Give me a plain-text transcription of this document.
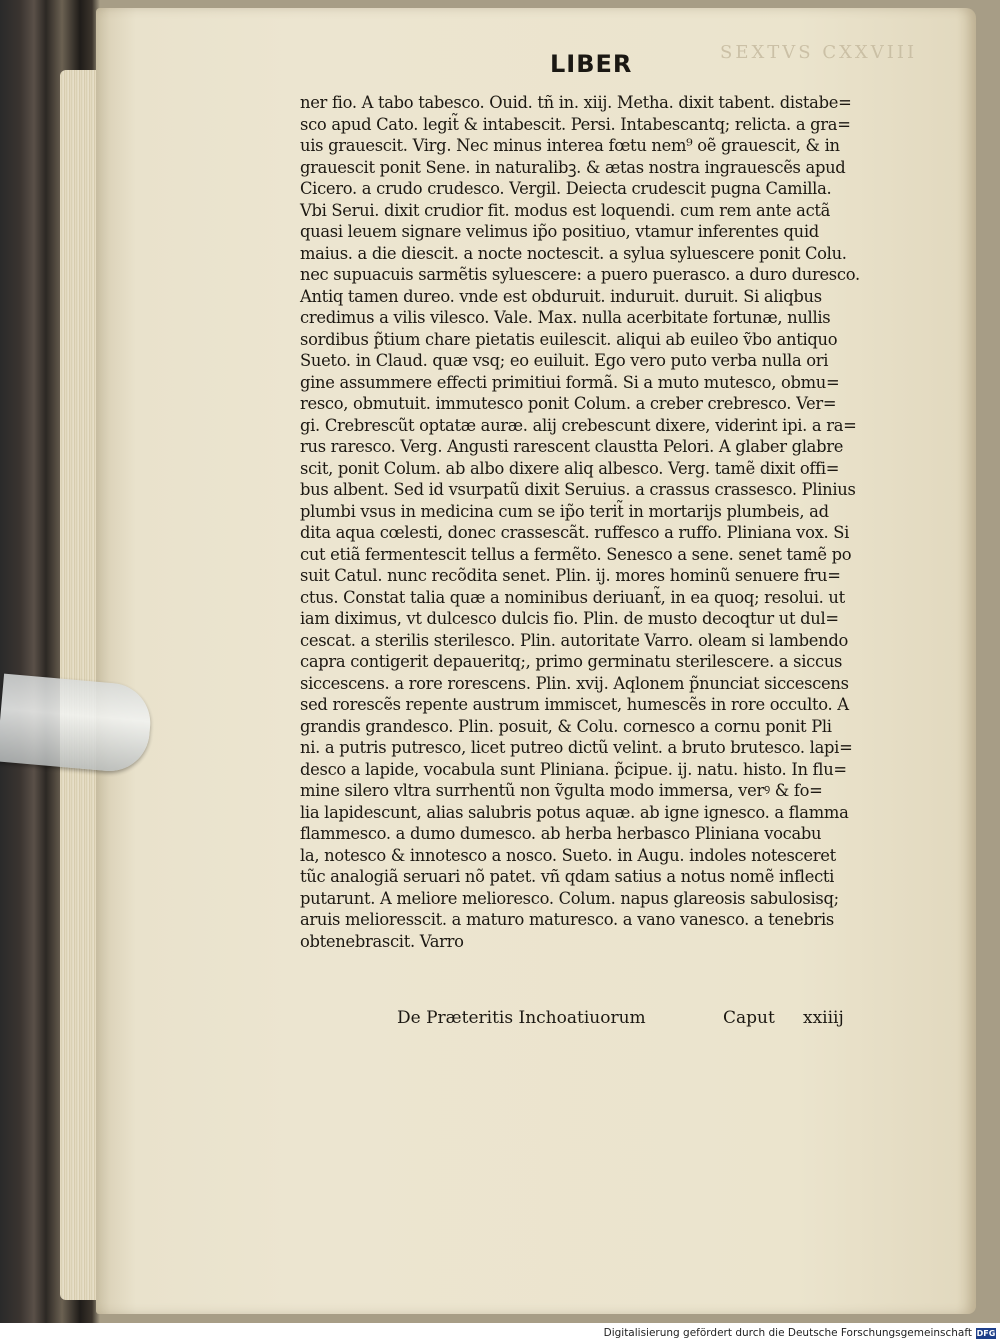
SEXTVS CXXVIII
LIBER
ner fio. A tabo tabesco. Ouid. tñ in. xiij. Metha. dixit tabent. distabe=
sco apud Cato. legit̃ & intabescit. Persi. Intabescantq; relicta. a gra=
uis grauescit. Virg. Nec minus interea fœtu nem⁹ oẽ grauescit, & in
grauescit ponit Sene. in naturalibꝫ. & ætas nostra ingrauescẽs apud
Cicero. a crudo crudesco. Vergil. Deiecta crudescit pugna Camilla.
Vbi Serui. dixit crudior fit. modus est loquendi. cum rem ante actã
quasi leuem signare velimus ip̃o positiuo, vtamur inferentes quid
maius. a die diescit. a nocte noctescit. a sylua syluescere ponit Colu.
nec supuacuis sarmẽtis syluescere: a puero puerasco. a duro duresco.
Antiq tamen dureo. vnde est obduruit. induruit. duruit. Si aliqbus
credimus a vilis vilesco. Vale. Max. nulla acerbitate fortunæ, nullis
sordibus p̃tium chare pietatis euilescit. aliqui ab euileo ṽbo antiquo
Sueto. in Claud. quæ vsq; eo euiluit. Ego vero puto verba nulla ori
gine assummere effecti primitiui formã. Si a muto mutesco, obmu=
resco, obmutuit. immutesco ponit Colum. a creber crebresco. Ver=
gi. Crebrescũt optatæ auræ. alij crebescunt dixere, viderint ipi. a ra=
rus raresco. Verg. Angusti rarescent claustta Pelori. A glaber glabre
scit, ponit Colum. ab albo dixere aliq albesco. Verg. tamẽ dixit offi=
bus albent. Sed id vsurpatũ dixit Seruius. a crassus crassesco. Plinius
plumbi vsus in medicina cum se ip̃o terit̃ in mortarijs plumbeis, ad
dita aqua cœlesti, donec crassescãt. ruffesco a ruffo. Pliniana vox. Si
cut etiã fermentescit tellus a fermẽto. Senesco a sene. senet tamẽ po
suit Catul. nunc recõdita senet. Plin. ij. mores hominũ senuere fru=
ctus. Constat talia quæ a nominibus deriuant̃, in ea quoq; resolui. ut
iam diximus, vt dulcesco dulcis fio. Plin. de musto decoqtur ut dul=
cescat. a sterilis sterilesco. Plin. autoritate Varro. oleam si lambendo
capra contigerit depaueritq;, primo germinatu sterilescere. a siccus
siccescens. a rore rorescens. Plin. xvij. Aqlonem p̃nunciat siccescens
sed rorescẽs repente austrum immiscet, humescẽs in rore occulto. A
grandis grandesco. Plin. posuit, & Colu. cornesco a cornu ponit Pli
ni. a putris putresco, licet putreo dictũ velint. a bruto brutesco. lapi=
desco a lapide, vocabula sunt Pliniana. p̃cipue. ij. natu. histo. In flu=
mine silero vltra surrhentũ non ṽgulta modo immersa, verꝰ & fo=
lia lapidescunt, alias salubris potus aquæ. ab igne ignesco. a flamma
flammesco. a dumo dumesco. ab herba herbasco Pliniana vocabu
la, notesco & innotesco a nosco. Sueto. in Augu. indoles notesceret
tũc analogiã seruari nõ patet. vñ qdam satius a notus nomẽ inflecti
putarunt. A meliore melioresco. Colum. napus glareosis sabulosisq;
aruis melioresscit. a maturo maturesco. a vano vanesco. a tenebris
obtenebrascit. Varro
De Præteritis Inchoatiuorum	Caput xxiiij
Digitalisierung gefördert durch die Deutsche Forschungsgemeinschaft DFG
